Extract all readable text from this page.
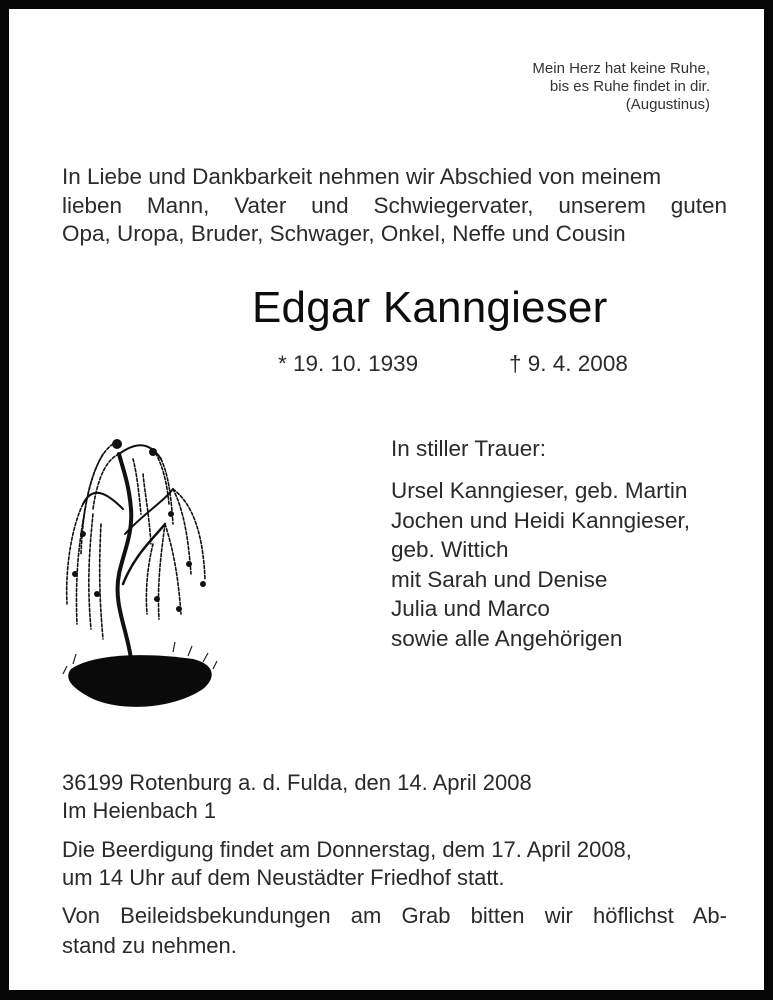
Mein Herz hat keine Ruhe,
bis es Ruhe findet in dir.
(Augustinus)
In Liebe und Dankbarkeit nehmen wir Abschied von meinem
lieben Mann, Vater und Schwiegervater, unserem guten
Opa, Uropa, Bruder, Schwager, Onkel, Neffe und Cousin
Edgar Kanngieser
* 19. 10. 1939	† 9. 4. 2008
In stiller Trauer:
Ursel Kanngieser, geb. Martin
Jochen und Heidi Kanngieser,
geb. Wittich
mit Sarah und Denise
Julia und Marco
sowie alle Angehörigen
36199 Rotenburg a. d. Fulda, den 14. April 2008
Im Heienbach 1
Die Beerdigung findet am Donnerstag, dem 17. April 2008,
um 14 Uhr auf dem Neustädter Friedhof statt.
Von Beileidsbekundungen am Grab bitten wir höflichst Ab-
stand zu nehmen.
